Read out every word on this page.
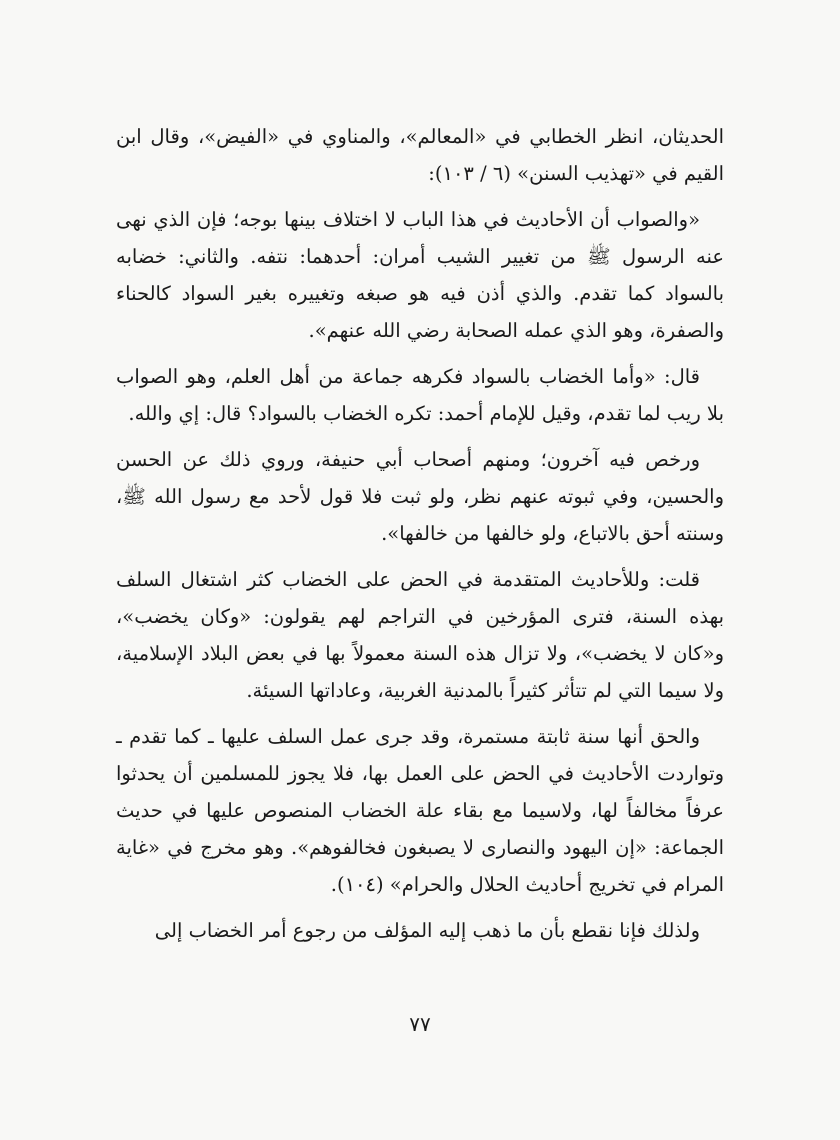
الحديثان، انظر الخطابي في «المعالم»، والمناوي في «الفيض»، وقال ابن القيم في «تهذيب السنن» (٦ / ١٠٣):

«والصواب أن الأحاديث في هذا الباب لا اختلاف بينها بوجه؛ فإن الذي نهى عنه الرسول ﷺ من تغيير الشيب أمران: أحدهما: نتفه. والثاني: خضابه بالسواد كما تقدم. والذي أذن فيه هو صبغه وتغييره بغير السواد كالحناء والصفرة، وهو الذي عمله الصحابة رضي الله عنهم».

قال: «وأما الخضاب بالسواد فكرهه جماعة من أهل العلم، وهو الصواب بلا ريب لما تقدم، وقيل للإمام أحمد: تكره الخضاب بالسواد؟ قال: إي والله.

ورخص فيه آخرون؛ ومنهم أصحاب أبي حنيفة، وروي ذلك عن الحسن والحسين، وفي ثبوته عنهم نظر، ولو ثبت فلا قول لأحد مع رسول الله ﷺ، وسنته أحق بالاتباع، ولو خالفها من خالفها».

قلت: وللأحاديث المتقدمة في الحض على الخضاب كثر اشتغال السلف بهذه السنة، فترى المؤرخين في التراجم لهم يقولون: «وكان يخضب»، و«كان لا يخضب»، ولا تزال هذه السنة معمولاً بها في بعض البلاد الإسلامية، ولا سيما التي لم تتأثر كثيراً بالمدنية الغربية، وعاداتها السيئة.

والحق أنها سنة ثابتة مستمرة، وقد جرى عمل السلف عليها ـ كما تقدم ـ وتواردت الأحاديث في الحض على العمل بها، فلا يجوز للمسلمين أن يحدثوا عرفاً مخالفاً لها، ولاسيما مع بقاء علة الخضاب المنصوص عليها في حديث الجماعة: «إن اليهود والنصارى لا يصبغون فخالفوهم». وهو مخرج في «غاية المرام في تخريج أحاديث الحلال والحرام» (١٠٤).

ولذلك فإنا نقطع بأن ما ذهب إليه المؤلف من رجوع أمر الخضاب إلى

٧٧
